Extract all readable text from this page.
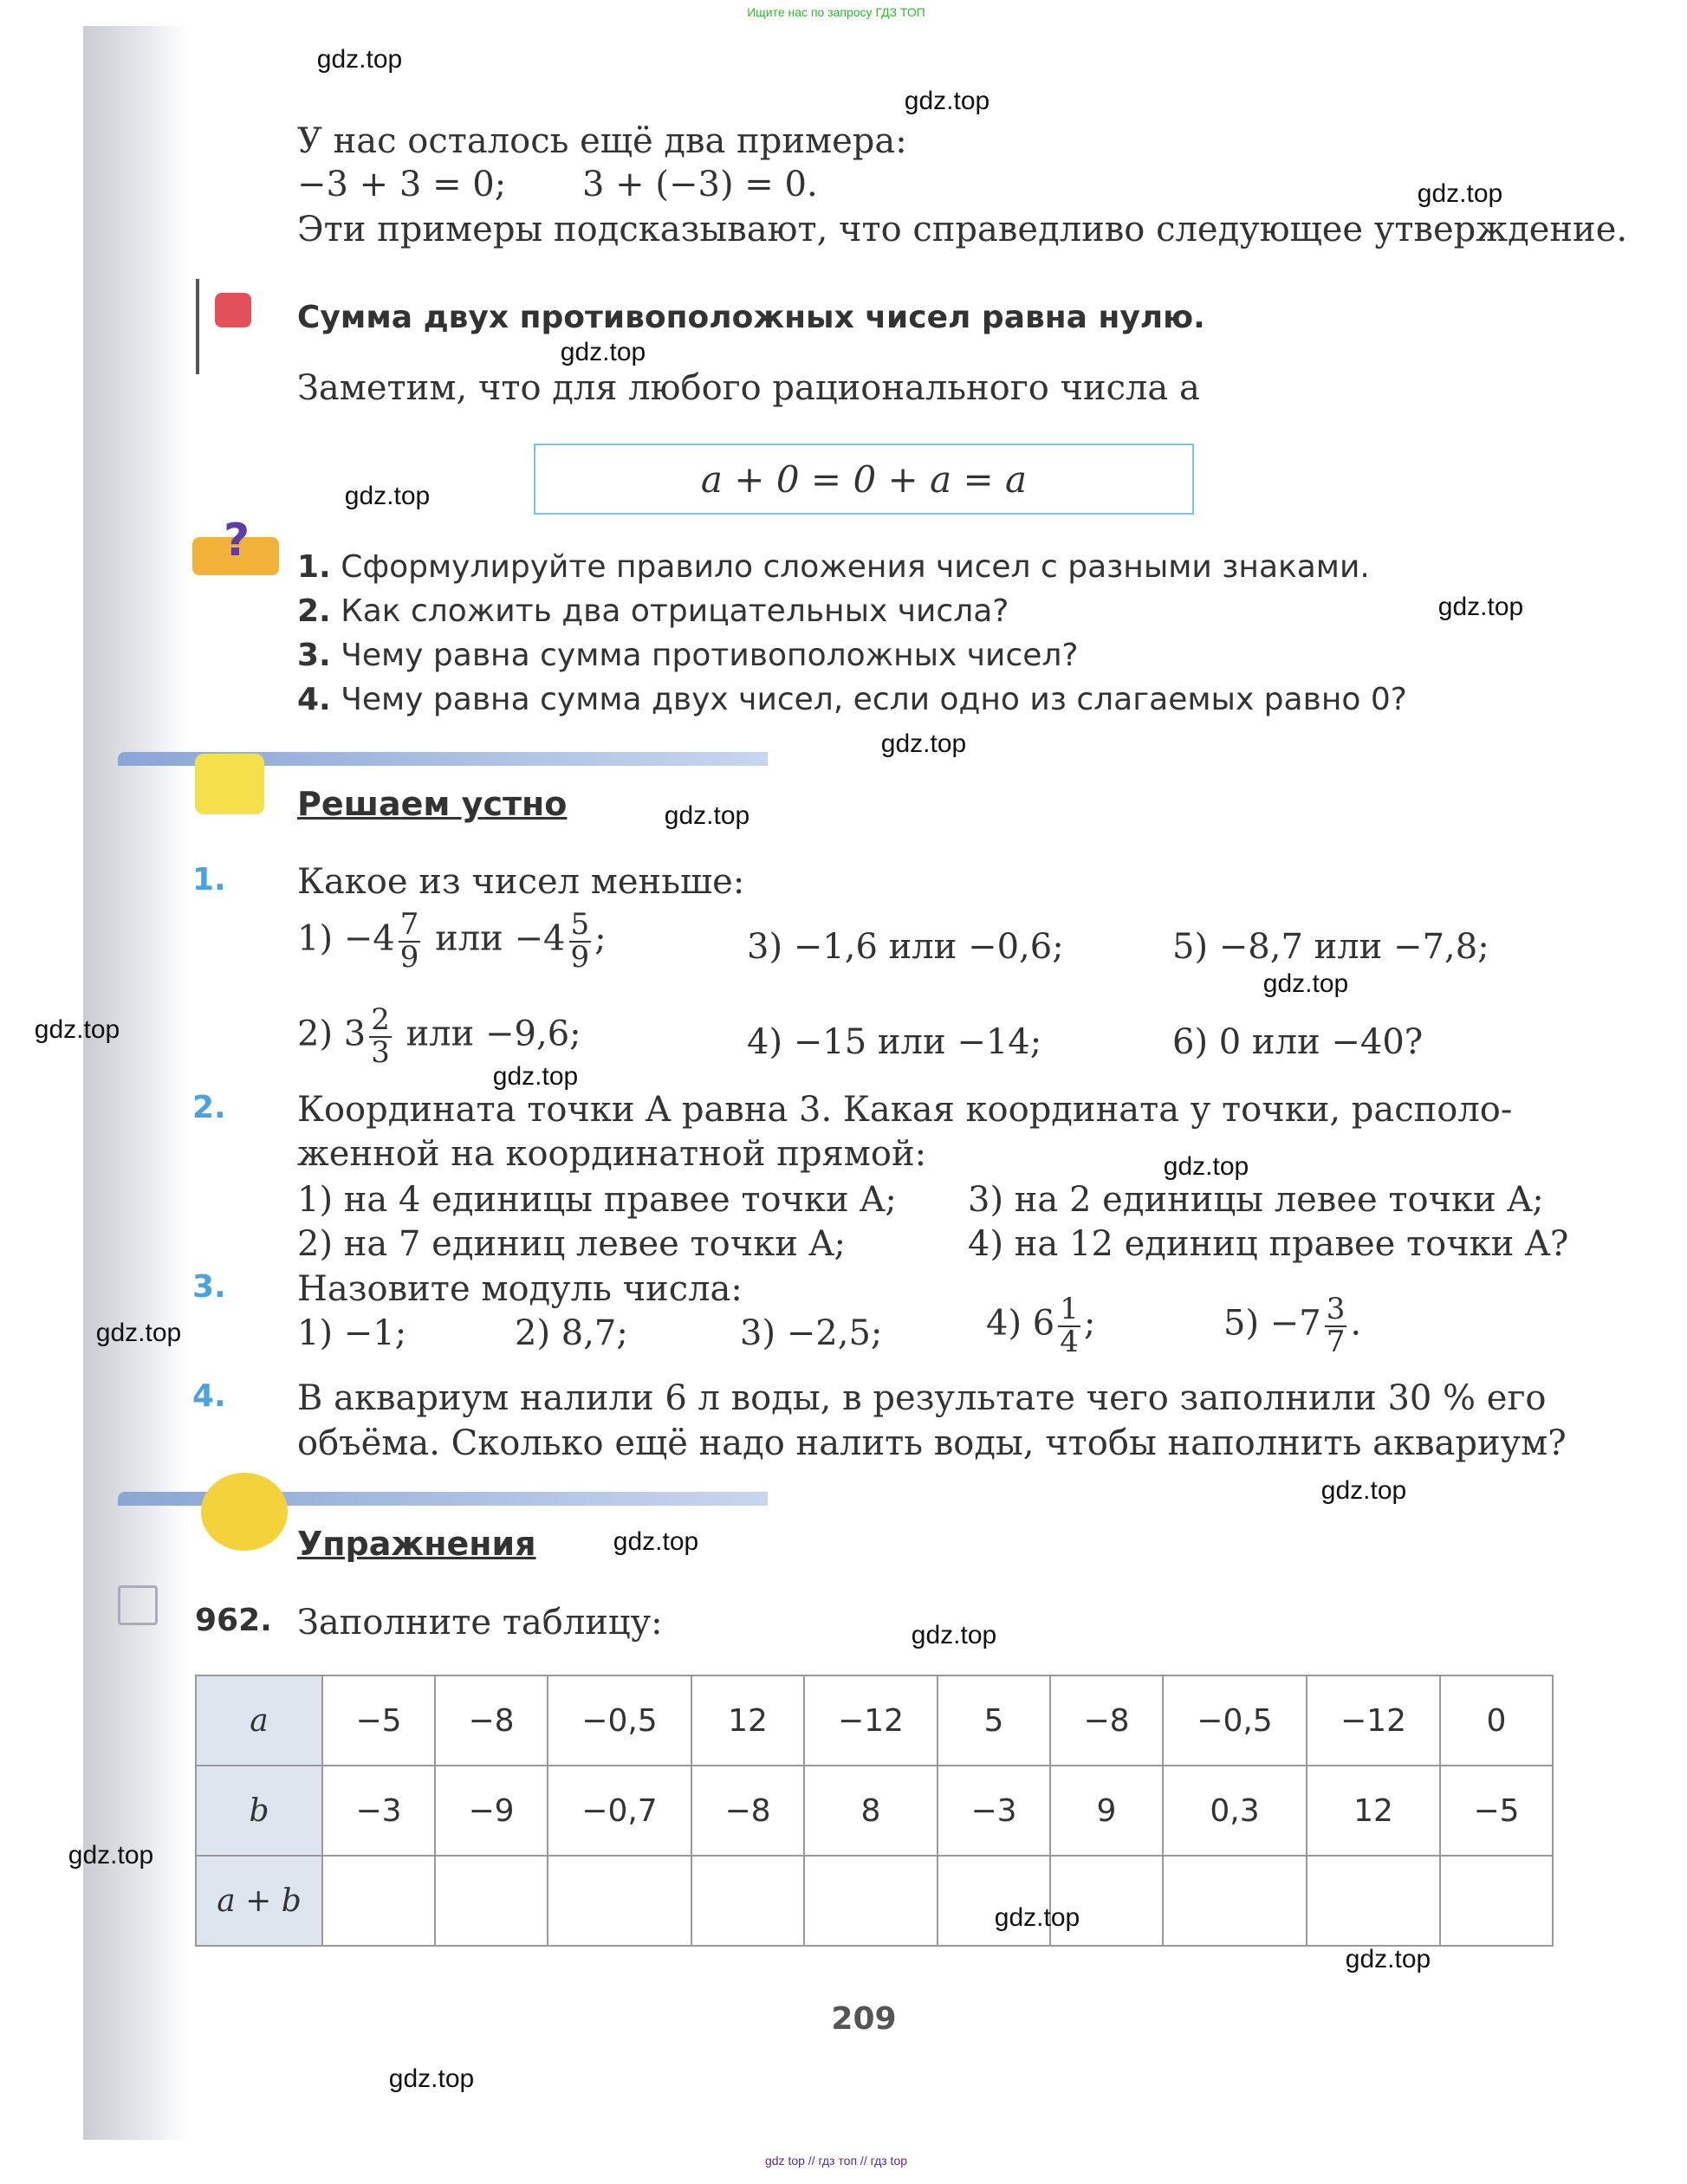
Ищите нас по запросу ГДЗ ТОП
У нас осталось ещё два примера:
−3 + 3 = 0; 3 + (−3) = 0.
Эти примеры подсказывают, что справедливо следующее утверждение.
Сумма двух противоположных чисел равна нулю.
Заметим, что для любого рационального числа a
a + 0 = 0 + a = a
?
1. Сформулируйте правило сложения чисел с разными знаками.
2. Как сложить два отрицательных числа?
3. Чему равна сумма противоположных чисел?
4. Чему равна сумма двух чисел, если одно из слагаемых равно 0?
Решаем устно
1. Какое из чисел меньше:
$1) -4 \frac{7}{9}$ или $-4 \frac{5}{9}$ ;
2) $3 \frac{2}{3}$ или −9,6;
3) −1,6 или −0,6;
4) −15 или −14;
5) −8,7 или −7,8;
6) 0 или −40?
2. Координата точки A равна 3. Какая координата у точки, располо-
женной на координатной прямой:
1) на 4 единицы правее точки A;
2) на 7 единиц левее точки A;
3) на 2 единицы левее точки A;
4) на 12 единиц правее точки A?
3. Назовите модуль числа:
1) −1;	2) 8,7;	3) −2,5;	4) $6 \frac{1}{4}$ ;	$5) -7 \frac{3}{7}$ .
4. В аквариум налили 6 л воды, в результате чего заполнили 30 % его
объёма. Сколько ещё надо налить воды, чтобы наполнить аквариум?
Упражнения
962. Заполните таблицу:
a	−5	−8	−0,5	12	−12	5	−8	−0,5	−12	0
b	−3	−9	−0,7	−8	8	−3	9	0,3	12	−5
a + b										
209
gdz top // гдз топ // гдз top
gdz.top
gdz.top
gdz.top
gdz.top
gdz.top
gdz.top
gdz.top
gdz.top
gdz.top
gdz.top
gdz.top
gdz.top
gdz.top
gdz.top
gdz.top
gdz.top
gdz.top
gdz.top
gdz.top
gdz.top
